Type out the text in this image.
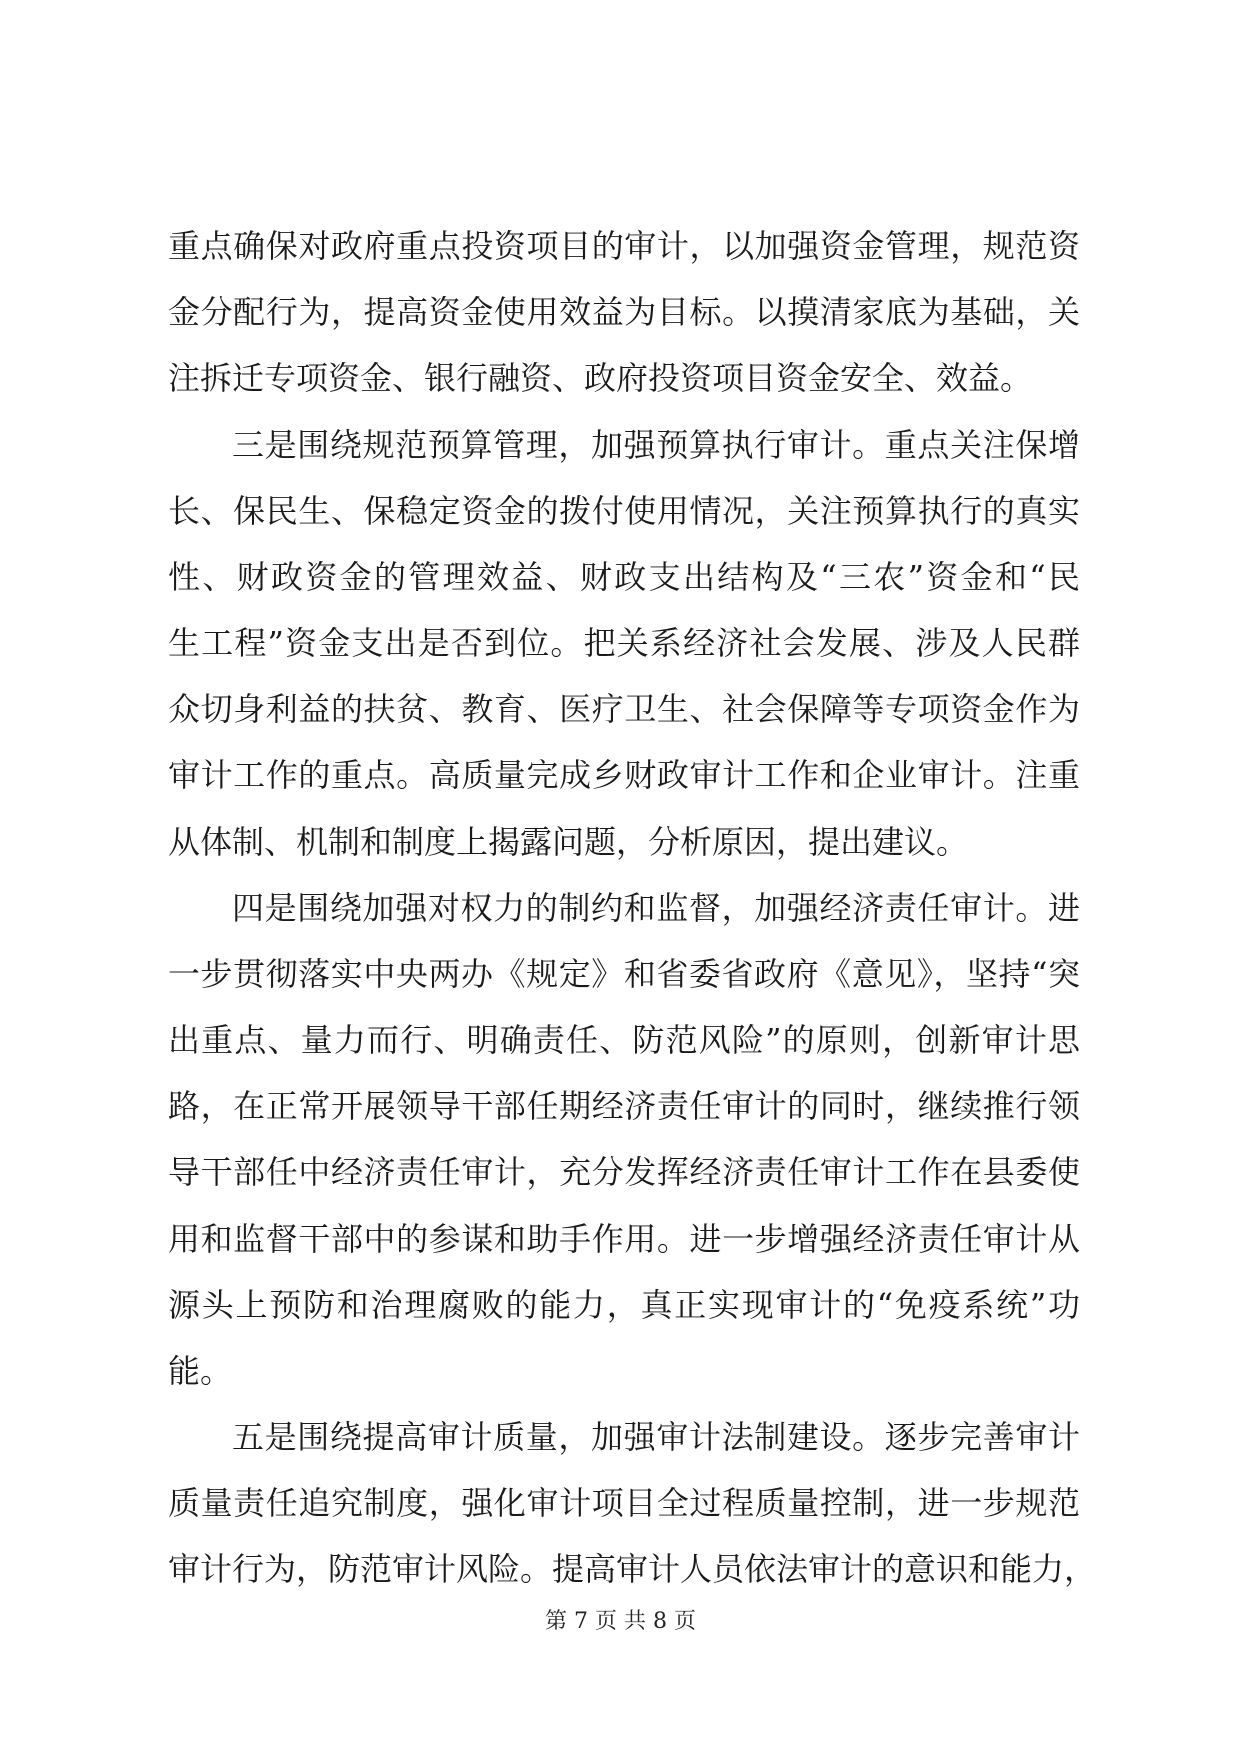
重点确保对政府重点投资项目的审计，以加强资金管理，规范资
金分配行为，提高资金使用效益为目标。以摸清家底为基础，关
注拆迁专项资金、银行融资、政府投资项目资金安全、效益。
三是围绕规范预算管理，加强预算执行审计。重点关注保增
长、保民生、保稳定资金的拨付使用情况，关注预算执行的真实
性、财政资金的管理效益、财政支出结构及“三农”资金和“民
生工程”资金支出是否到位。把关系经济社会发展、涉及人民群
众切身利益的扶贫、教育、医疗卫生、社会保障等专项资金作为
审计工作的重点。高质量完成乡财政审计工作和企业审计。注重
从体制、机制和制度上揭露问题，分析原因，提出建议。
四是围绕加强对权力的制约和监督，加强经济责任审计。进
一步贯彻落实中央两办《规定》和省委省政府《意见》，坚持“突
出重点、量力而行、明确责任、防范风险”的原则，创新审计思
路，在正常开展领导干部任期经济责任审计的同时，继续推行领
导干部任中经济责任审计，充分发挥经济责任审计工作在县委使
用和监督干部中的参谋和助手作用。进一步增强经济责任审计从
源头上预防和治理腐败的能力，真正实现审计的“免疫系统”功
能。
五是围绕提高审计质量，加强审计法制建设。逐步完善审计
质量责任追究制度，强化审计项目全过程质量控制，进一步规范
审计行为，防范审计风险。提高审计人员依法审计的意识和能力，
第 7 页 共 8 页
